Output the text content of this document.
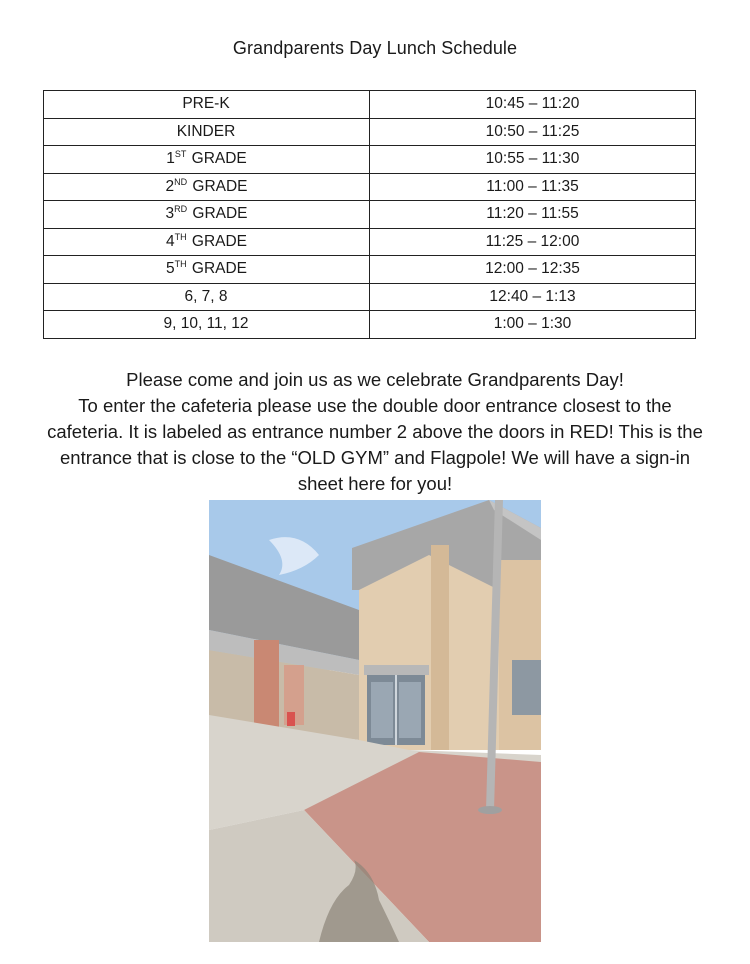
Grandparents Day Lunch Schedule
PRE-K	10:45 – 11:20
KINDER	10:50 – 11:25
1ST GRADE	10:55 – 11:30
2ND GRADE	11:00 – 11:35
3RD GRADE	11:20 – 11:55
4TH GRADE	11:25 – 12:00
5TH GRADE	12:00 – 12:35
6, 7, 8	12:40 – 1:13
9, 10, 11, 12	1:00 – 1:30

Please come and join us as we celebrate Grandparents Day!

To enter the cafeteria please use the double door entrance closest to the cafeteria. It is labeled as entrance number 2 above the doors in RED! This is the entrance that is close to the “OLD GYM” and Flagpole! We will have a sign-in sheet here for you!
